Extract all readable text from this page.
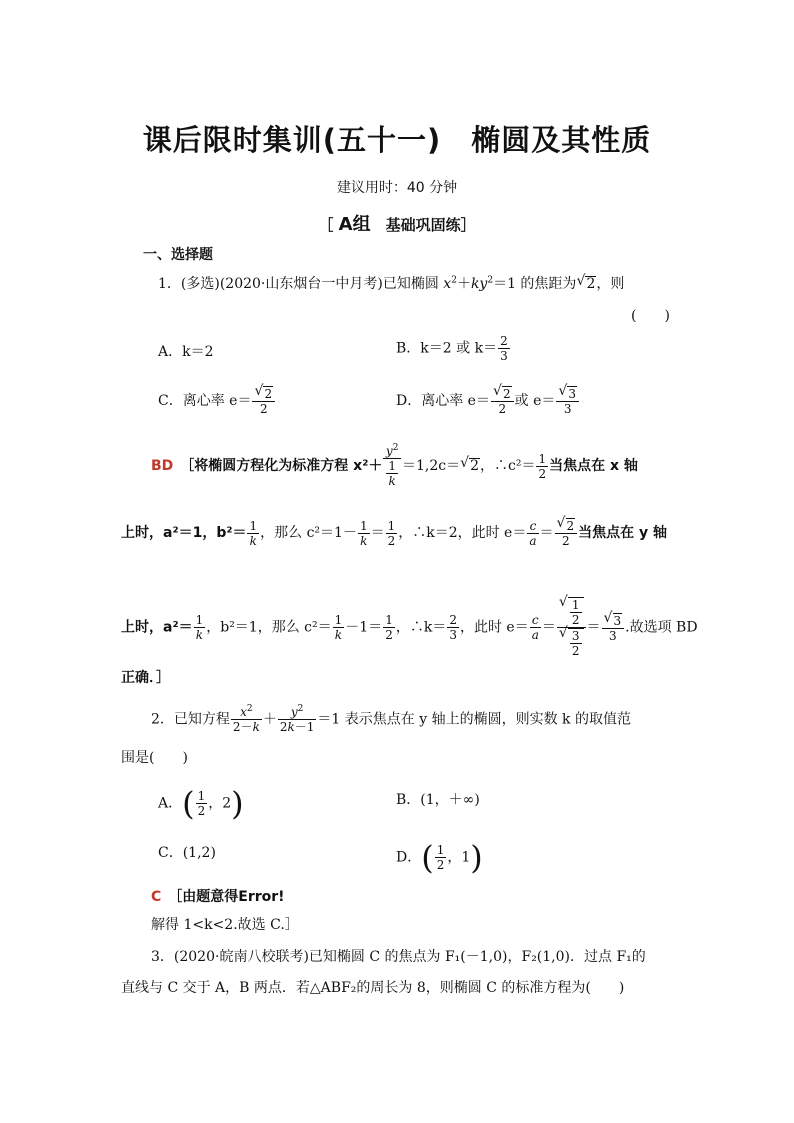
课后限时集训(五十一)　椭圆及其性质
建议用时：40 分钟
［ A组　基础巩固练］
一、选择题
1．(多选)(2020·山东烟台一中月考)已知椭圆 $x^2+ky^2=1$ 的焦距为√ 2，则
(　　)
A．k＝2	B．k＝2 或 $k= \frac{2}{3}$
C．离心率 e＝
√ $\frac{2}{2}$	D．离心率 e＝
√ $\frac{2}{2}$ 或 e＝
√ $\frac{3}{3}$
BD　 ［将椭圆方程化为标准方程 $x^2+ \frac{y^2}{\frac{1}{k}} =1,2c=√$ 2，∴c²＝ $\frac{1}{2}$ 当焦点在 x 轴
上时，a²＝1，$b^2= \frac{1}{k}$ ，那么 $c^2=1- \frac{1}{k} = \frac{1}{2}$ ，∴k＝2，此时 $e= \frac{c}{a}$ ＝
√ $\frac{2}{2}$ 当焦点在 y 轴
上时，$a^2= \frac{1}{k}$ ，b²＝1，那么 $c^2= \frac{1}{k} -1= \frac{1}{2}$ ，∴k＝ $\frac{2}{3}$ ，此时 $e= \frac{c}{a}$ ＝
√ $\frac{1}{2}$
√ $\frac{3}{2}$ ＝
√ $\frac{3}{3}$ .故选项 BD
正确．］
2．已知方程 $\frac{x^2}{2-k} + \frac{y^2}{2k-1} =1$ 表示焦点在 y 轴上的椭圆，则实数 k 的取值范
围是(　　)
A．( $\frac{1}{2}$ ，2)	B．(1，＋∞)
C．(1,2)	D．( $\frac{1}{2}$ ，1)
C　 ［由题意得Error!
解得 1<k<2.故选 C.］
3．(2020·皖南八校联考)已知椭圆 C 的焦点为 F₁(－1,0)，F₂(1,0)．过点 F₁的
直线与 C 交于 A，B 两点．若△ABF₂的周长为 8，则椭圆 C 的标准方程为(　　)
